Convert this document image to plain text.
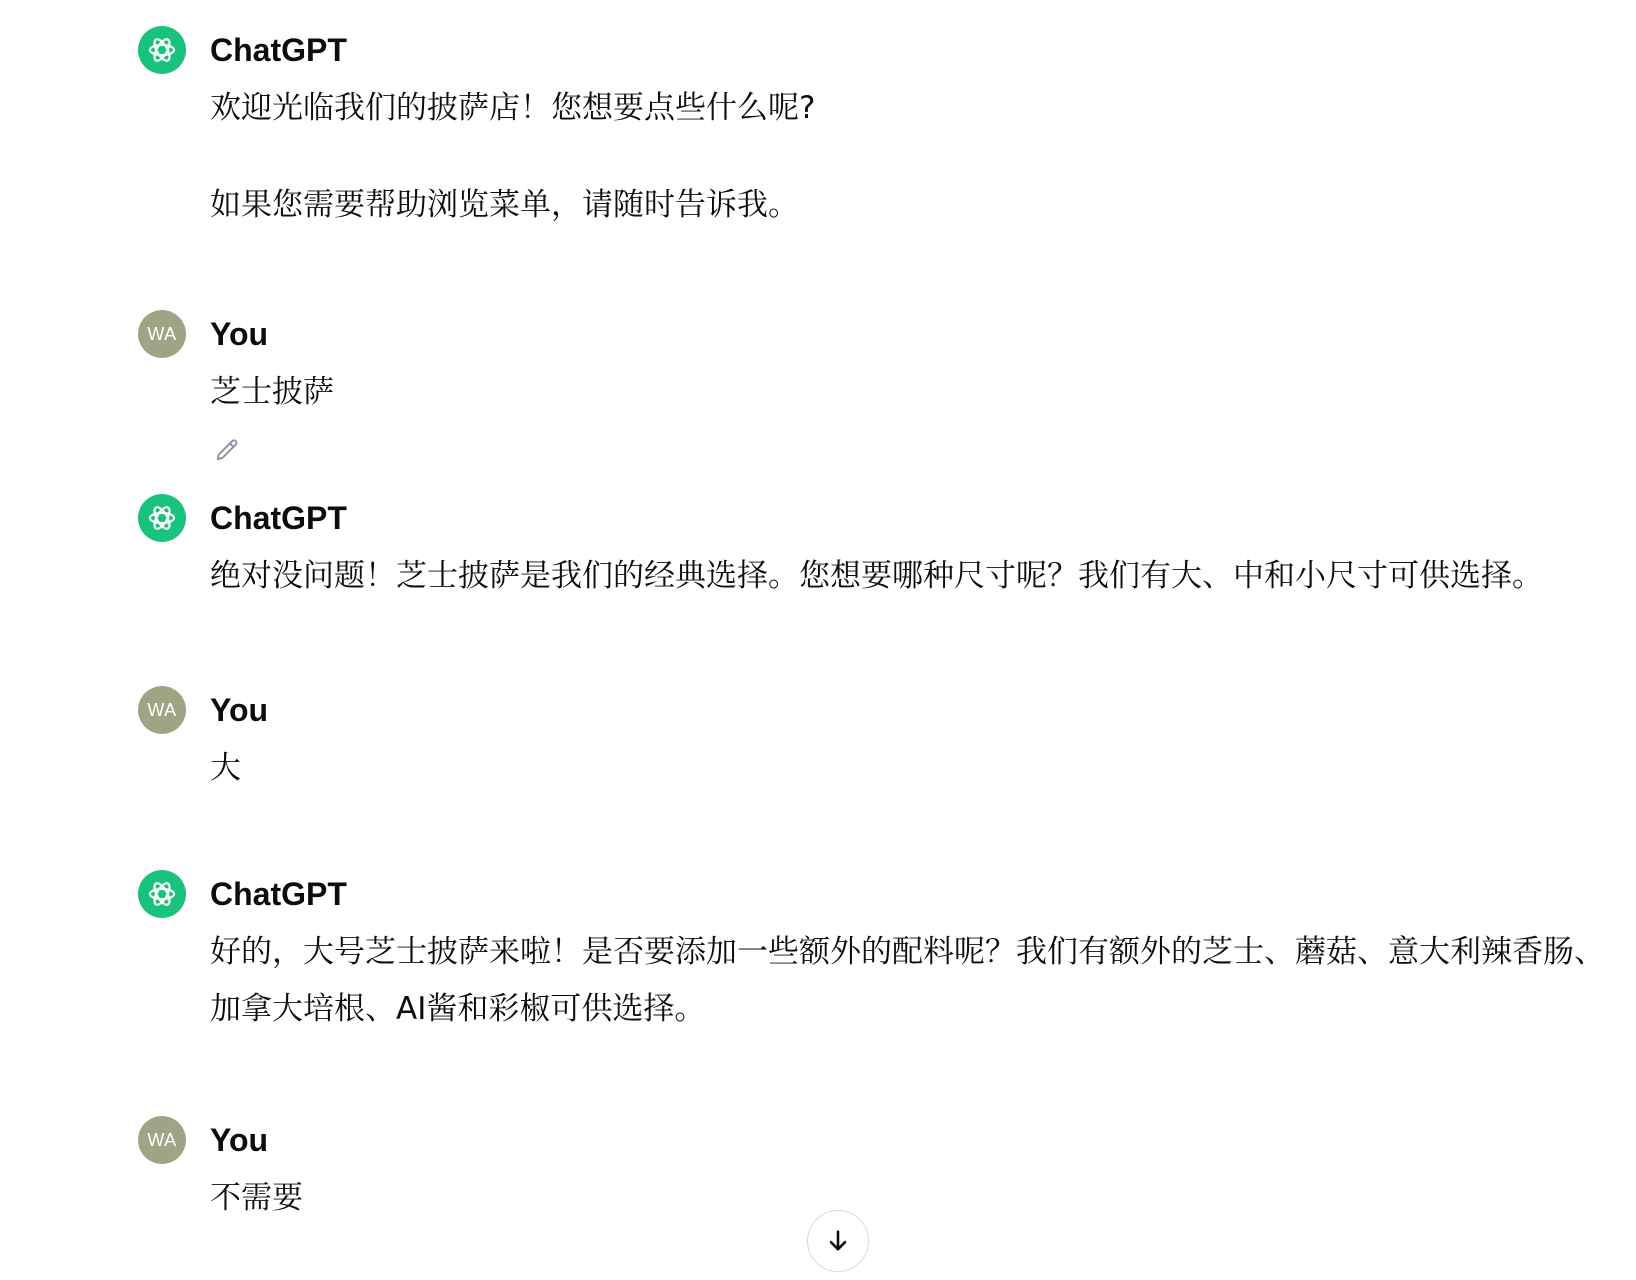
ChatGPT

欢迎光临我们的披萨店！您想要点些什么呢?

如果您需要帮助浏览菜单，请随时告诉我。

WA You

芝士披萨

ChatGPT

绝对没问题！芝士披萨是我们的经典选择。您想要哪种尺寸呢？我们有大、中和小尺寸可供选择。

WA You

大

ChatGPT

好的，大号芝士披萨来啦！是否要添加一些额外的配料呢？我们有额外的芝士、蘑菇、意大利辣香肠、加拿大培根、AI酱和彩椒可供选择。

WA You

不需要
